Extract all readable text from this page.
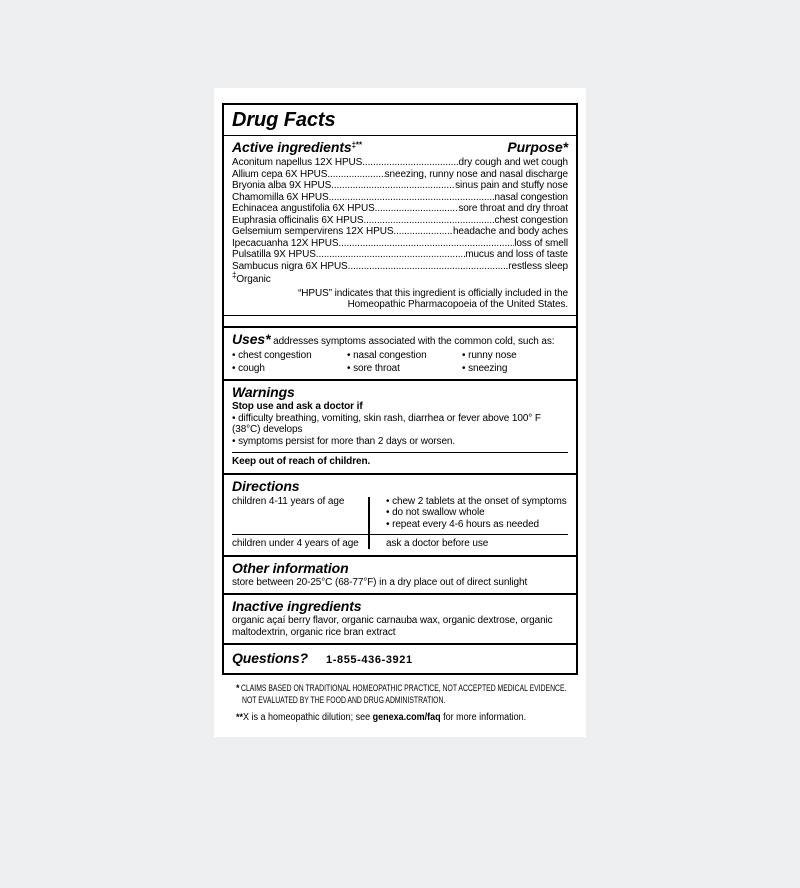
Drug Facts
Active ingredients‡**	Purpose*
Aconitum napellus 12X HPUS .....	dry cough and wet cough
Allium cepa 6X HPUS .....	sneezing, runny nose and nasal discharge
Bryonia alba 9X HPUS .....	sinus pain and stuffy nose
Chamomilla 6X HPUS .....	nasal congestion
Echinacea angustifolia 6X HPUS .....	sore throat and dry throat
Euphrasia officinalis 6X HPUS .....	chest congestion
Gelsemium sempervirens 12X HPUS .....	headache and body aches
Ipecacuanha 12X HPUS .....	loss of smell
Pulsatilla 9X HPUS .....	mucus and loss of taste
Sambucus nigra 6X HPUS .....	restless sleep
‡Organic
“HPUS” indicates that this ingredient is officially included in the Homeopathic Pharmacopoeia of the United States.
Uses* addresses symptoms associated with the common cold, such as:
• chest congestion	• nasal congestion	• runny nose
• cough	• sore throat	• sneezing
Warnings
Stop use and ask a doctor if

• difficulty breathing, vomiting, skin rash, diarrhea or fever above 100° F (38°C) develops

• symptoms persist for more than 2 days or worsen.

Keep out of reach of children.
Directions
children 4-11 years of age	• chew 2 tablets at the onset of symptoms
• do not swallow whole
• repeat every 4-6 hours as needed
children under 4 years of age	ask a doctor before use
Other information
store between 20-25°C (68-77°F) in a dry place out of direct sunlight
Inactive ingredients
organic açaí berry flavor, organic carnauba wax, organic dextrose, organic maltodextrin, organic rice bran extract
Questions? 1-855-436-3921
* CLAIMS BASED ON TRADITIONAL HOMEOPATHIC PRACTICE, NOT ACCEPTED MEDICAL EVIDENCE.
NOT EVALUATED BY THE FOOD AND DRUG ADMINISTRATION.
** X is a homeopathic dilution; see genexa.com/faq for more information.
